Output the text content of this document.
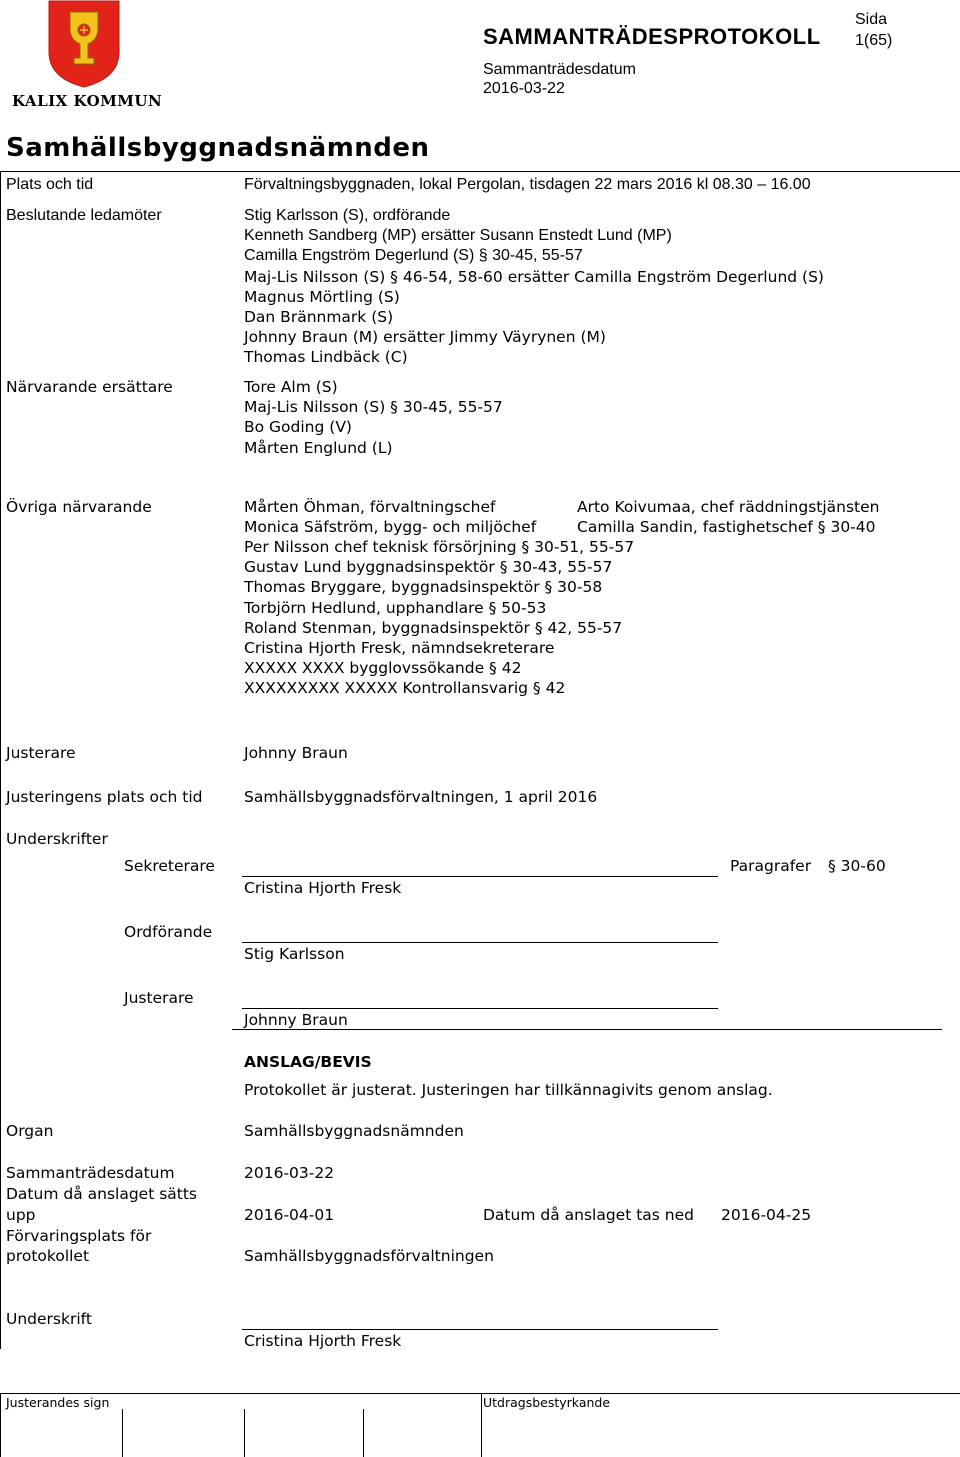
KALIX KOMMUN
SAMMANTRÄDESPROTOKOLL
Sida
1(65)
Sammanträdesdatum
2016-03-22
Samhällsbyggnadsnämnden
Plats och tid	Förvaltningsbyggnaden, lokal Pergolan, tisdagen 22 mars 2016 kl 08.30 – 16.00
Beslutande ledamöter	Stig Karlsson (S), ordförande
Kenneth Sandberg (MP) ersätter Susann Enstedt Lund (MP)
Camilla Engström Degerlund (S) § 30-45, 55-57
Maj-Lis Nilsson (S) § 46-54, 58-60 ersätter Camilla Engström Degerlund (S)
Magnus Mörtling (S)
Dan Brännmark (S)
Johnny Braun (M) ersätter Jimmy Väyrynen (M)
Thomas Lindbäck (C)
Närvarande ersättare	Tore Alm (S)
Maj-Lis Nilsson (S) § 30-45, 55-57
Bo Goding (V)
Mårten Englund (L)
Övriga närvarande	Mårten Öhman, förvaltningschef	Arto Koivumaa, chef räddningstjänsten
Monica Säfström, bygg- och miljöchef	Camilla Sandin, fastighetschef § 30-40
Per Nilsson chef teknisk försörjning § 30-51, 55-57
Gustav Lund byggnadsinspektör § 30-43, 55-57
Thomas Bryggare, byggnadsinspektör § 30-58
Torbjörn Hedlund, upphandlare § 50-53
Roland Stenman, byggnadsinspektör § 42, 55-57
Cristina Hjorth Fresk, nämndsekreterare
XXXXX XXXX bygglovssökande § 42
XXXXXXXXX XXXXX Kontrollansvarig § 42
Justerare	Johnny Braun
Justeringens plats och tid	Samhällsbyggnadsförvaltningen, 1 april 2016
Underskrifter
Sekreterare
Cristina Hjorth Fresk
Paragrafer § 30-60
Ordförande
Stig Karlsson
Justerare
Johnny Braun
ANSLAG/BEVIS
Protokollet är justerat. Justeringen har tillkännagivits genom anslag.
Organ	Samhällsbyggnadsnämnden
Sammanträdesdatum	2016-03-22
Datum då anslaget sätts
upp	2016-04-01	Datum då anslaget tas ned 2016-04-25
Förvaringsplats för
protokollet	Samhällsbyggnadsförvaltningen
Underskrift
Cristina Hjorth Fresk
Justerandes sign	Utdragsbestyrkande
